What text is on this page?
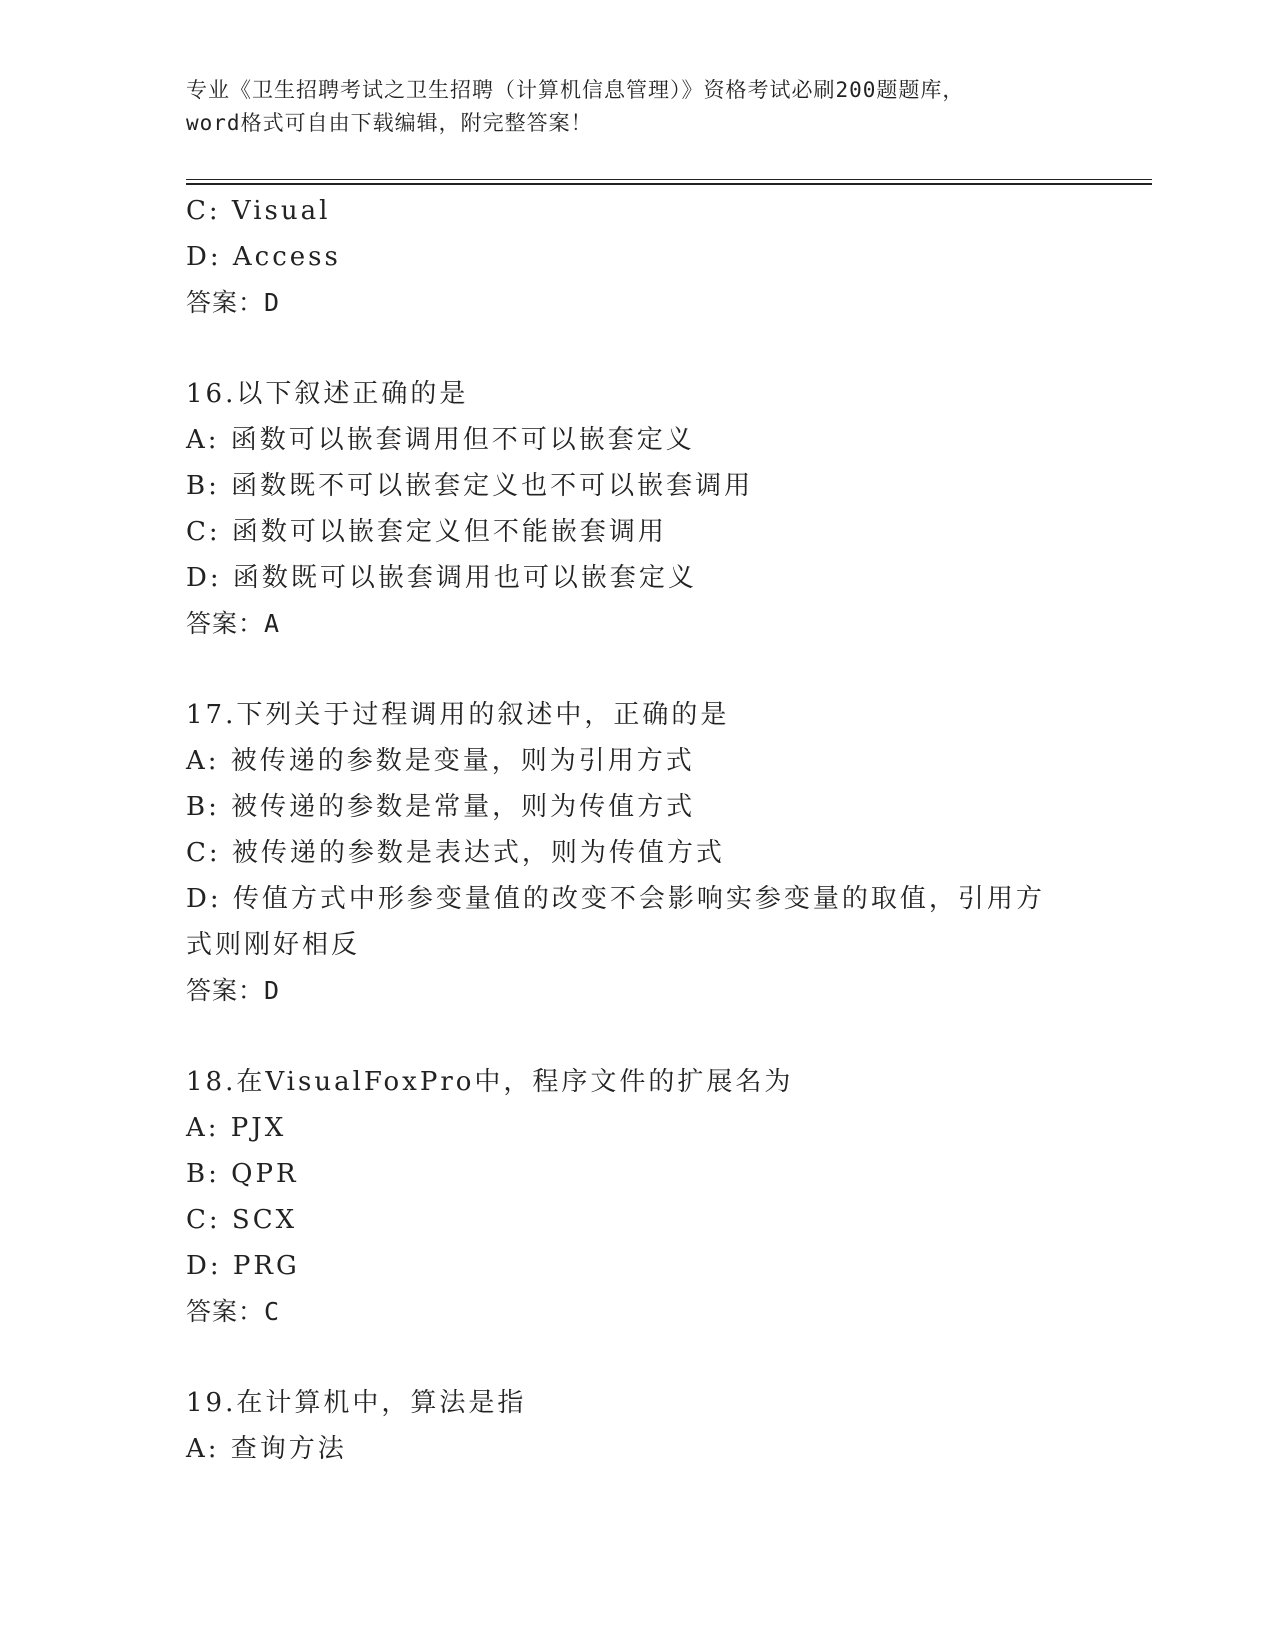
专业《卫生招聘考试之卫生招聘（计算机信息管理）》资格考试必刷200题题库，
word格式可自由下载编辑，附完整答案！
C: Visual
D: Access
答案：D
16.以下叙述正确的是
A: 函数可以嵌套调用但不可以嵌套定义
B: 函数既不可以嵌套定义也不可以嵌套调用
C: 函数可以嵌套定义但不能嵌套调用
D: 函数既可以嵌套调用也可以嵌套定义
答案：A
17.下列关于过程调用的叙述中，正确的是
A: 被传递的参数是变量，则为引用方式
B: 被传递的参数是常量，则为传值方式
C: 被传递的参数是表达式，则为传值方式
D: 传值方式中形参变量值的改变不会影响实参变量的取值，引用方式则刚好相反
答案：D
18.在VisualFoxPro中，程序文件的扩展名为
A: PJX
B: QPR
C: SCX
D: PRG
答案：C
19.在计算机中，算法是指
A: 查询方法
